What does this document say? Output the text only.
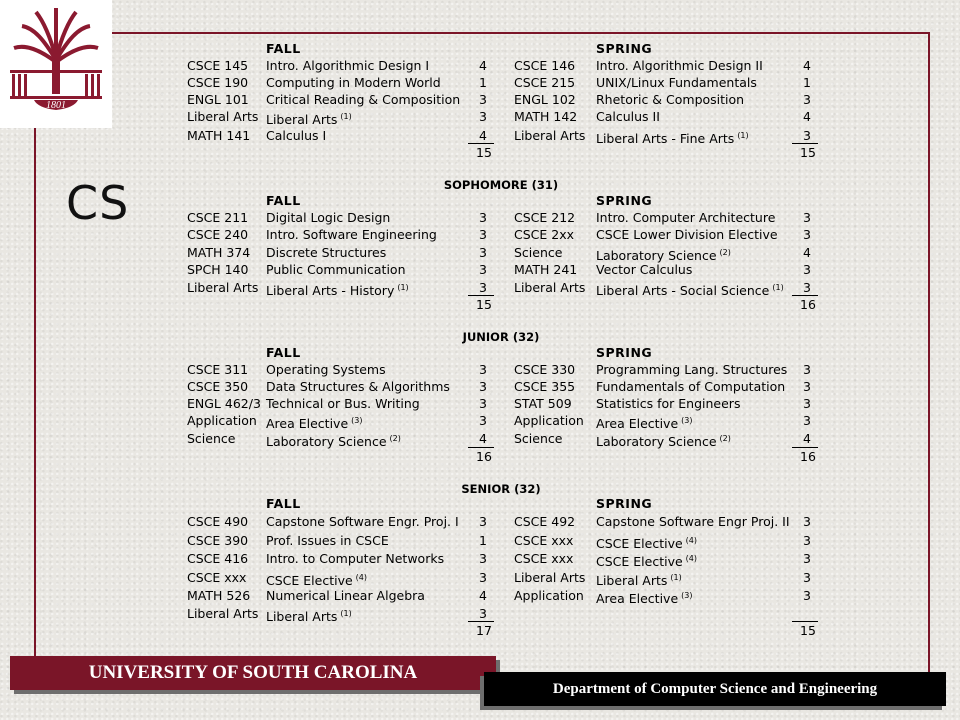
1801
CS
FALL	SPRING
CSCE 145 Intro. Algorithmic Design I	4
CSCE 190 Computing in Modern World	1
ENGL 101 Critical Reading & Composition 3
Liberal Arts Liberal Arts $^{(1)}$	3
MATH 141 Calculus I	4
15
CSCE 146 Intro. Algorithmic Design II	4
CSCE 215 UNIX/Linux Fundamentals	1
ENGL 102 Rhetoric & Composition	3
MATH 142 Calculus II	4
Liberal Arts Liberal Arts - Fine Arts $^{(1)}$	3
15
SOPHOMORE (31)
FALL	SPRING
CSCE 211 Digital Logic Design	3
CSCE 240 Intro. Software Engineering	3
MATH 374 Discrete Structures	3
SPCH 140 Public Communication	3
Liberal Arts Liberal Arts - History $^{(1)}$	3
15
CSCE 212 Intro. Computer Architecture 3
CSCE 2xx CSCE Lower Division Elective 3
Science	Laboratory Science $^{(2)}$	4
MATH 241 Vector Calculus	3
Liberal Arts Liberal Arts - Social Science $^{(1)}$ 3
16
JUNIOR (32)
FALL	SPRING
CSCE 311 Operating Systems	3
CSCE 350 Data Structures & Algorithms 3
ENGL 462/3 Technical or Bus. Writing	3
Application Area Elective $^{(3)}$	3
Science Laboratory Science $^{(2)}$	4
16
CSCE 330 Programming Lang. Structures 3
CSCE 355 Fundamentals of Computation 3
STAT 509 Statistics for Engineers	3
Application Area Elective $^{(3)}$	3
Science	Laboratory Science $^{(2)}$	4
16
SENIOR (32)
FALL	SPRING
CSCE 490 Capstone Software Engr. Proj. I 3
CSCE 390 Prof. Issues in CSCE	1
CSCE 416 Intro. to Computer Networks	3
CSCE xxx CSCE Elective $^{(4)}$	3
MATH 526 Numerical Linear Algebra	4
Liberal Arts Liberal Arts $^{(1)}$	3
17
CSCE 492 Capstone Software Engr Proj. II 3
CSCE xxx CSCE Elective $^{(4)}$	3
CSCE xxx CSCE Elective $^{(4)}$	3
Liberal Arts Liberal Arts $^{(1)}$	3
Application Area Elective $^{(3)}$	3
15
UNIVERSITY OF SOUTH CAROLINA
Department of Computer Science and Engineering
